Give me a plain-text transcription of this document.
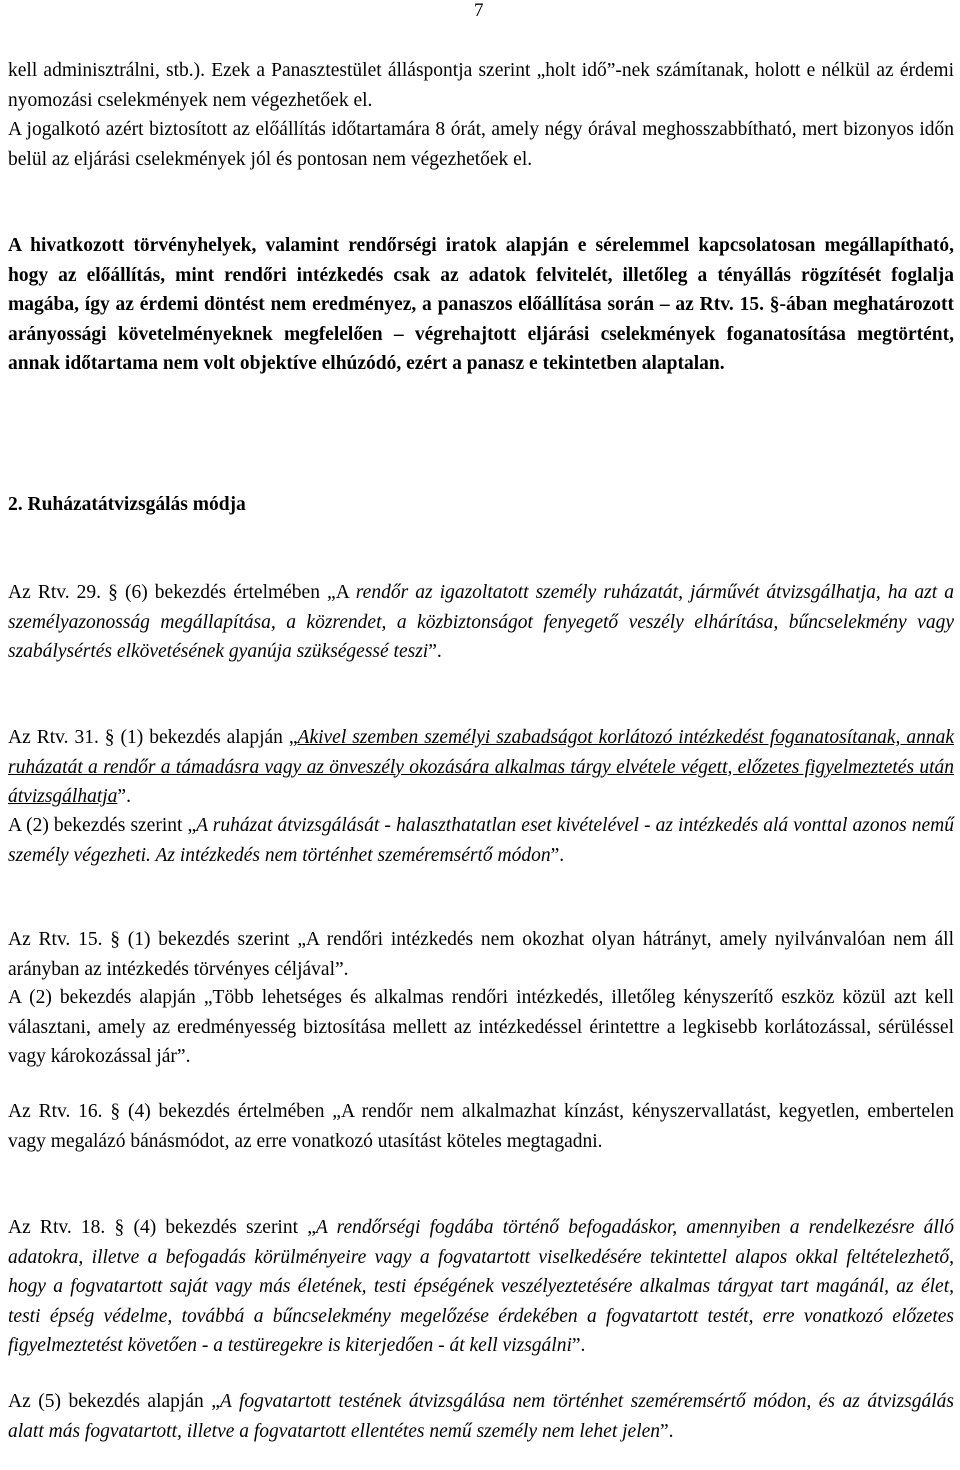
7

kell adminisztrálni, stb.). Ezek a Panasztestület álláspontja szerint „holt idő”-nek számítanak, holott e nélkül az érdemi nyomozási cselekmények nem végezhetőek el.

A jogalkotó azért biztosított az előállítás időtartamára 8 órát, amely négy órával meghosszabbítható, mert bizonyos időn belül az eljárási cselekmények jól és pontosan nem végezhetőek el.

A hivatkozott törvényhelyek, valamint rendőrségi iratok alapján e sérelemmel kapcsolatosan megállapítható, hogy az előállítás, mint rendőri intézkedés csak az adatok felvitelét, illetőleg a tényállás rögzítését foglalja magába, így az érdemi döntést nem eredményez, a panaszos előállítása során – az Rtv. 15. §-ában meghatározott arányossági követelményeknek megfelelően – végrehajtott eljárási cselekmények foganatosítása megtörtént, annak időtartama nem volt objektíve elhúzódó, ezért a panasz e tekintetben alaptalan.

2. Ruházatátvizsgálás módja

Az Rtv. 29. § (6) bekezdés értelmében „A rendőr az igazoltatott személy ruházatát, járművét átvizsgálhatja, ha azt a személyazonosság megállapítása, a közrendet, a közbiztonságot fenyegető veszély elhárítása, bűncselekmény vagy szabálysértés elkövetésének gyanúja szükségessé teszi”.

Az Rtv. 31. § (1) bekezdés alapján „Akivel szemben személyi szabadságot korlátozó intézkedést foganatosítanak, annak ruházatát a rendőr a támadásra vagy az önveszély okozására alkalmas tárgy elvétele végett, előzetes figyelmeztetés után átvizsgálhatja”.

A (2) bekezdés szerint „A ruházat átvizsgálását - halaszthatatlan eset kivételével - az intézkedés alá vonttal azonos nemű személy végezheti. Az intézkedés nem történhet szeméremsértő módon”.

Az Rtv. 15. § (1) bekezdés szerint „A rendőri intézkedés nem okozhat olyan hátrányt, amely nyilvánvalóan nem áll arányban az intézkedés törvényes céljával”.

A (2) bekezdés alapján „Több lehetséges és alkalmas rendőri intézkedés, illetőleg kényszerítő eszköz közül azt kell választani, amely az eredményesség biztosítása mellett az intézkedéssel érintettre a legkisebb korlátozással, sérüléssel vagy károkozással jár”.

Az Rtv. 16. § (4) bekezdés értelmében „A rendőr nem alkalmazhat kínzást, kényszervallatást, kegyetlen, embertelen vagy megalázó bánásmódot, az erre vonatkozó utasítást köteles megtagadni.

Az Rtv. 18. § (4) bekezdés szerint „A rendőrségi fogdába történő befogadáskor, amennyiben a rendelkezésre álló adatokra, illetve a befogadás körülményeire vagy a fogvatartott viselkedésére tekintettel alapos okkal feltételezhető, hogy a fogvatartott saját vagy más életének, testi épségének veszélyeztetésére alkalmas tárgyat tart magánál, az élet, testi épség védelme, továbbá a bűncselekmény megelőzése érdekében a fogvatartott testét, erre vonatkozó előzetes figyelmeztetést követően - a testüregekre is kiterjedően - át kell vizsgálni”.

Az (5) bekezdés alapján „A fogvatartott testének átvizsgálása nem történhet szeméremsértő módon, és az átvizsgálás alatt más fogvatartott, illetve a fogvatartott ellentétes nemű személy nem lehet jelen”.
